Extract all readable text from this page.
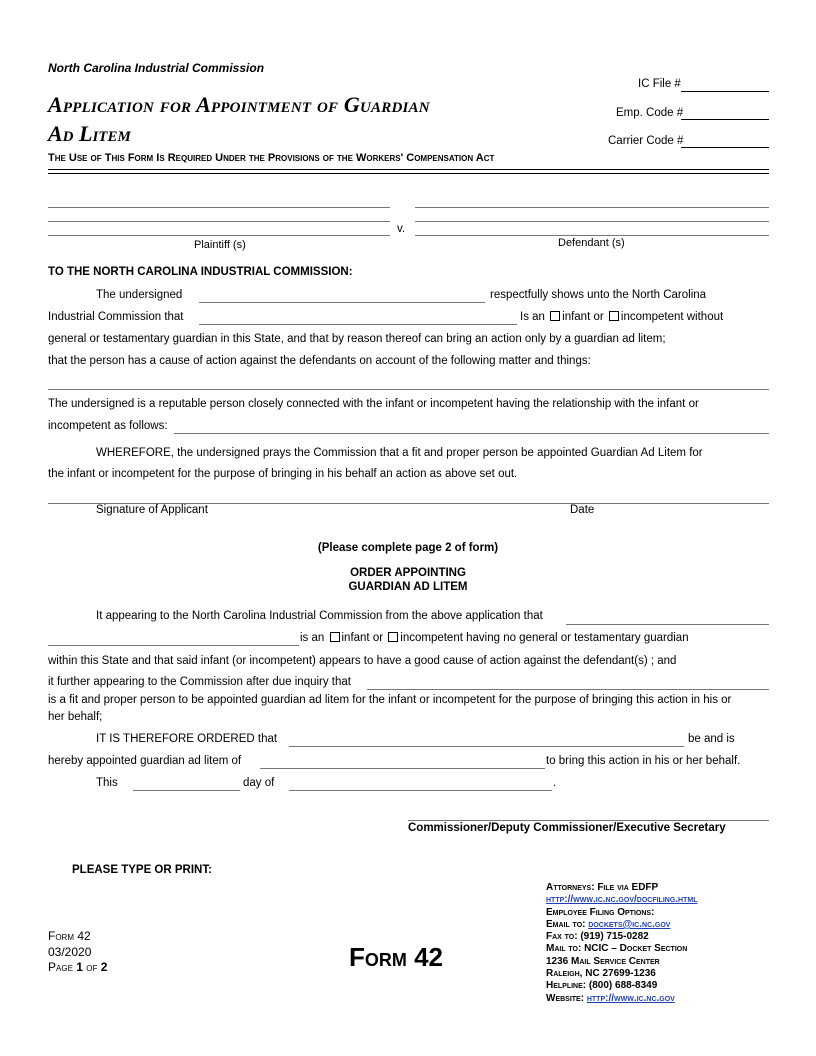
North Carolina Industrial Commission
IC File #
Emp. Code #
Carrier Code #
Application for Appointment of Guardian
Ad Litem
The Use of This Form Is Required Under the Provisions of the Workers' Compensation Act
v.
Plaintiff (s)	Defendant (s)
TO THE NORTH CAROLINA INDUSTRIAL COMMISSION:
The undersigned	respectfully shows unto the North Carolina
Industrial Commission that	Is an infant or incompetent without
general or testamentary guardian in this State, and that by reason thereof can bring an action only by a guardian ad litem;
that the person has a cause of action against the defendants on account of the following matter and things:
The undersigned is a reputable person closely connected with the infant or incompetent having the relationship with the infant or
incompetent as follows:
WHEREFORE, the undersigned prays the Commission that a fit and proper person be appointed Guardian Ad Litem for
the infant or incompetent for the purpose of bringing in his behalf an action as above set out.
Signature of Applicant	Date
(Please complete page 2 of form)
ORDER APPOINTING
GUARDIAN AD LITEM
It appearing to the North Carolina Industrial Commission from the above application that
is an infant or incompetent having no general or testamentary guardian
within this State and that said infant (or incompetent) appears to have a good cause of action against the defendant(s) ; and
it further appearing to the Commission after due inquiry that
is a fit and proper person to be appointed guardian ad litem for the infant or incompetent for the purpose of bringing this action in his or
her behalf;
IT IS THEREFORE ORDERED that	be and is
hereby appointed guardian ad litem of	to bring this action in his or her behalf.
This	day of	.
Commissioner/Deputy Commissioner/Executive Secretary
PLEASE TYPE OR PRINT:
Form 42
03/2020
Page 1 of 2	Form 42
Attorneys: File via EDFP
http://www.ic.nc.gov/docfiling.html
Employee Filing Options:
Email to: dockets@ic.nc.gov
Fax to: (919) 715-0282
Mail to: NCIC – Docket Section
1236 Mail Service Center
Raleigh, NC 27699-1236
Helpline: (800) 688-8349
Website: http://www.ic.nc.gov
